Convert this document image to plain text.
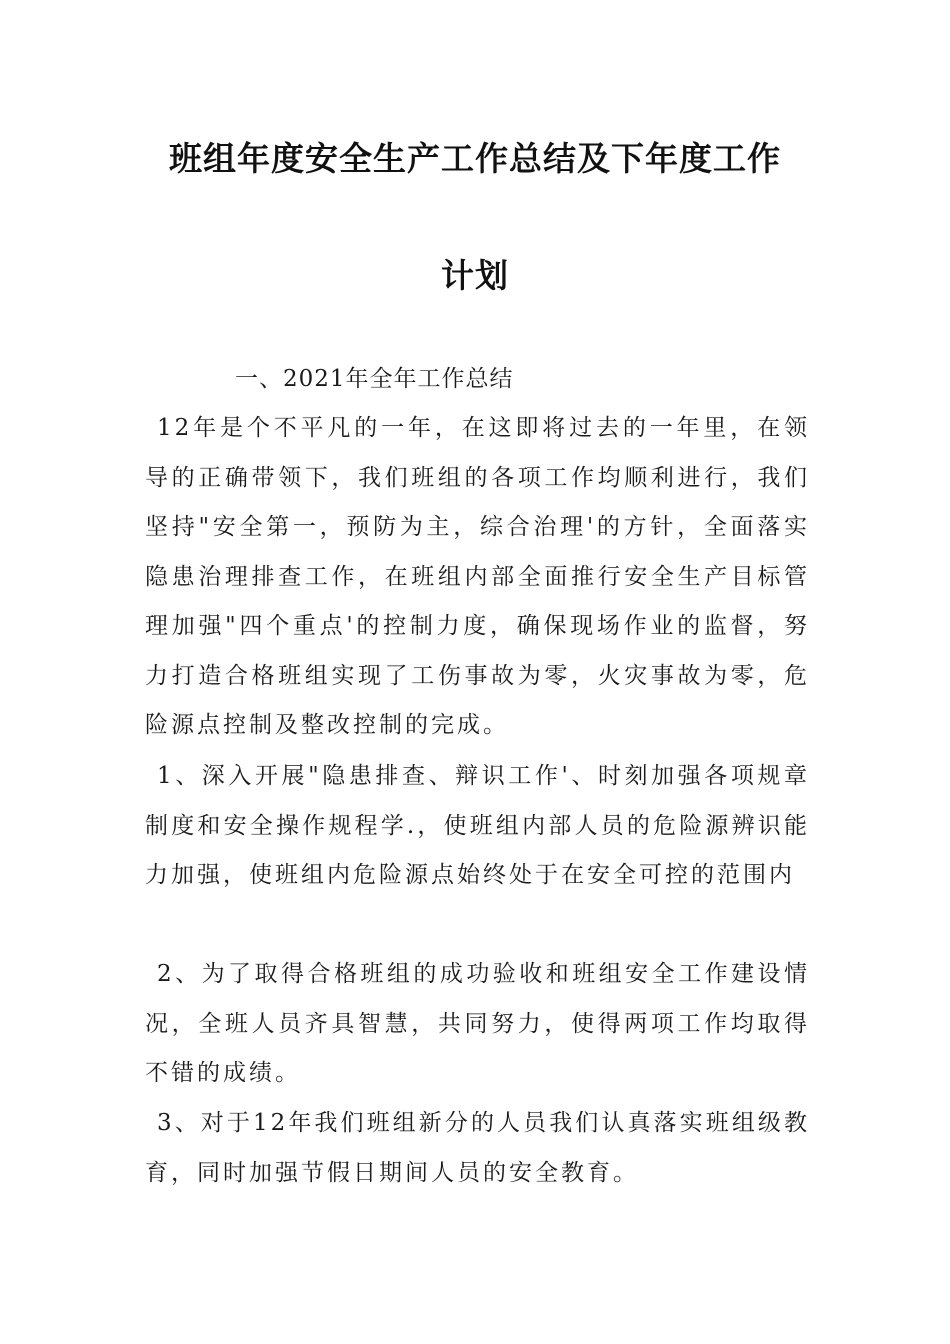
班组年度安全生产工作总结及下年度工作
计划

一、2021年全年工作总结

12年是个不平凡的一年，在这即将过去的一年里，在领导的正确带领下，我们班组的各项工作均顺利进行，我们坚持"安全第一，预防为主，综合治理'的方针，全面落实隐患治理排查工作，在班组内部全面推行安全生产目标管理加强"四个重点'的控制力度，确保现场作业的监督，努力打造合格班组实现了工伤事故为零，火灾事故为零，危险源点控制及整改控制的完成。

1、深入开展"隐患排查、辩识工作'、时刻加强各项规章制度和安全操作规程学.，使班组内部人员的危险源辨识能力加强，使班组内危险源点始终处于在安全可控的范围内

2、为了取得合格班组的成功验收和班组安全工作建设情况，全班人员齐具智慧，共同努力，使得两项工作均取得不错的成绩。

3、对于12年我们班组新分的人员我们认真落实班组级教育，同时加强节假日期间人员的安全教育。
